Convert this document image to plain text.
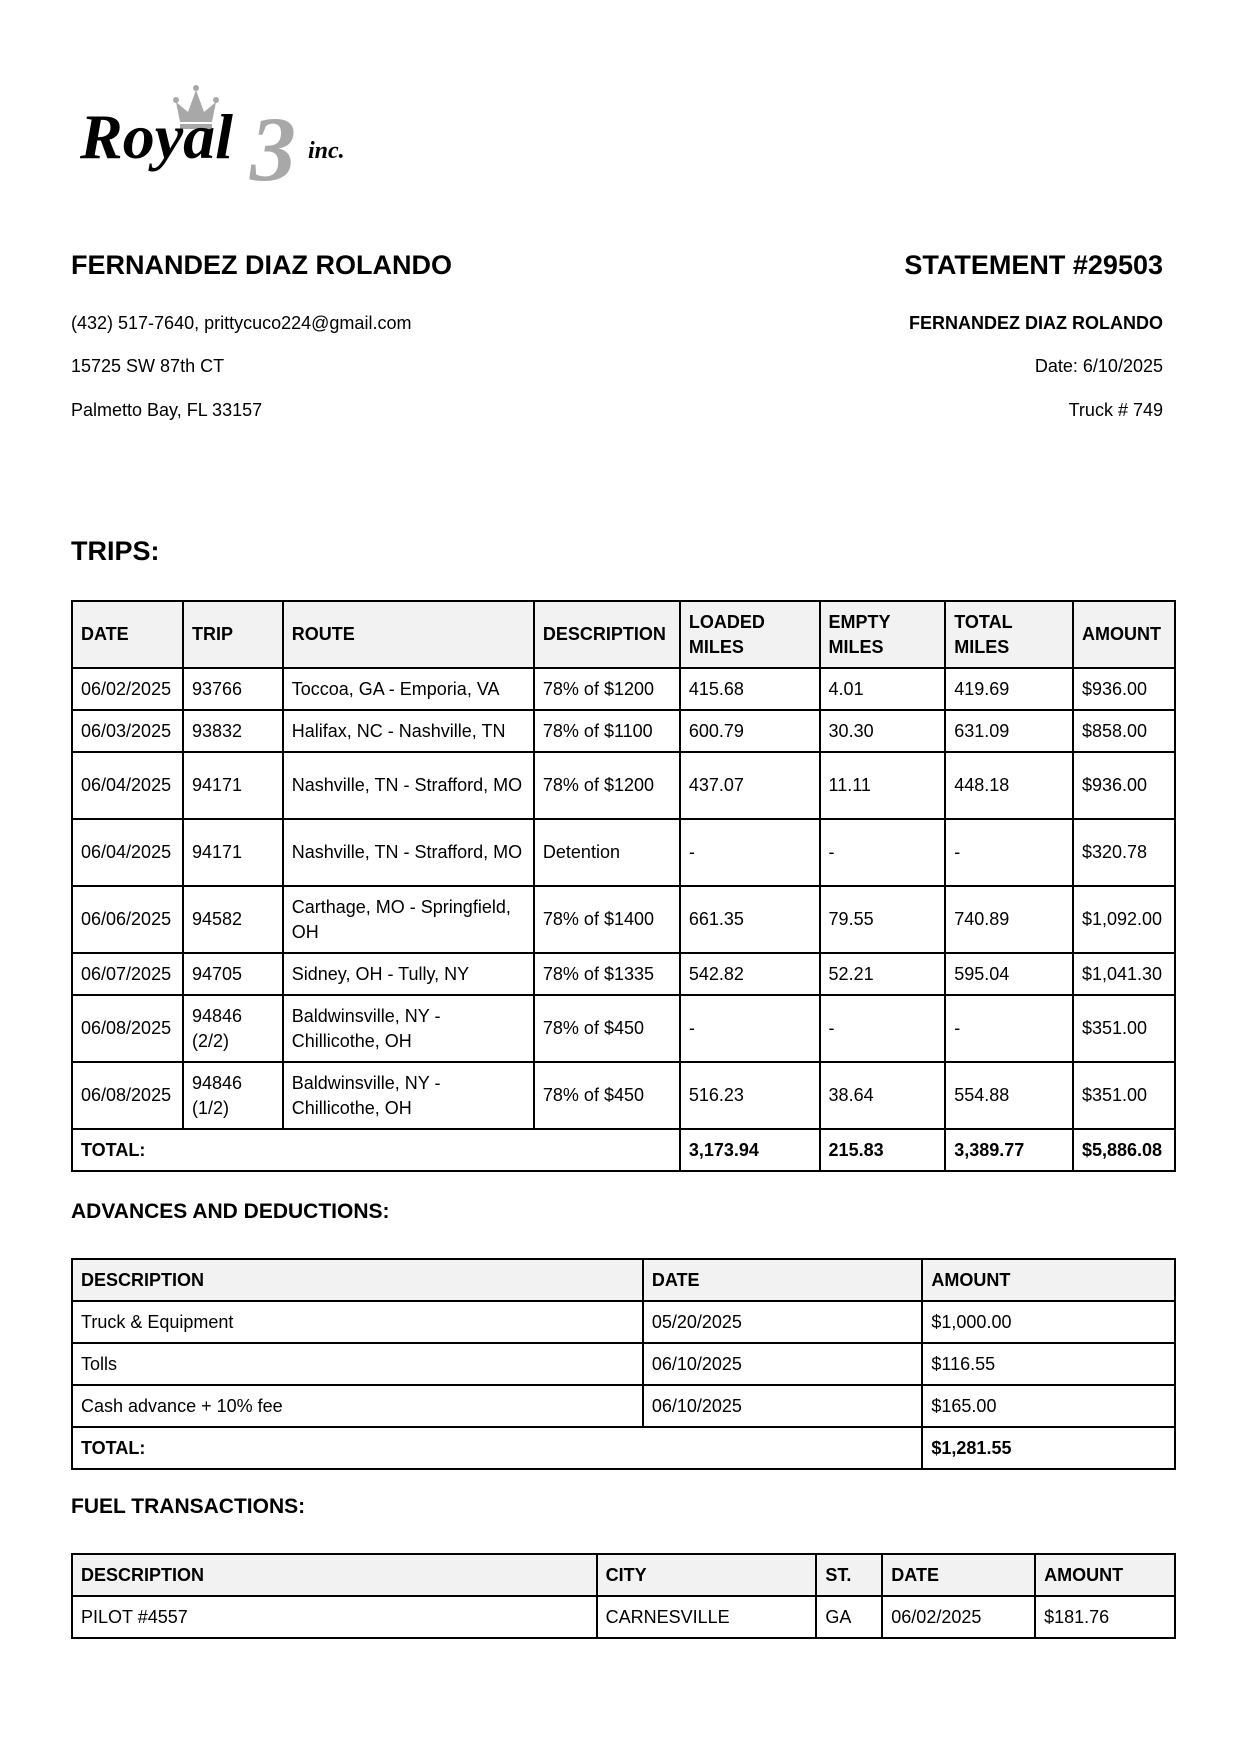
3
Royal	inc.
FERNANDEZ DIAZ ROLANDO
(432) 517-7640, prittycuco224@gmail.com
15725 SW 87th CT
Palmetto Bay, FL 33157
STATEMENT #29503
FERNANDEZ DIAZ ROLANDO
Date: 6/10/2025
Truck # 749
TRIPS:
DATE	TRIP	ROUTE	DESCRIPTION	LOADED MILES	EMPTY MILES	TOTAL MILES	AMOUNT
06/02/2025	93766	Toccoa, GA - Emporia, VA	78% of $1200	415.68	4.01	419.69	$936.00
06/03/2025	93832	Halifax, NC - Nashville, TN	78% of $1100	600.79	30.30	631.09	$858.00
06/04/2025	94171	Nashville, TN - Strafford, MO	78% of $1200	437.07	11.11	448.18	$936.00
06/04/2025	94171	Nashville, TN - Strafford, MO	Detention	-	-	-	$320.78
06/06/2025	94582	Carthage, MO - Springfield, OH	78% of $1400	661.35	79.55	740.89	$1,092.00
06/07/2025	94705	Sidney, OH - Tully, NY	78% of $1335	542.82	52.21	595.04	$1,041.30
06/08/2025	94846 (2/2)	Baldwinsville, NY - Chillicothe, OH	78% of $450	-	-	-	$351.00
06/08/2025	94846 (1/2)	Baldwinsville, NY - Chillicothe, OH	78% of $450	516.23	38.64	554.88	$351.00
TOTAL:				3,173.94	215.83	3,389.77	$5,886.08
ADVANCES AND DEDUCTIONS:
DESCRIPTION	DATE	AMOUNT
Truck & Equipment	05/20/2025	$1,000.00
Tolls	06/10/2025	$116.55
Cash advance + 10% fee	06/10/2025	$165.00
TOTAL:		$1,281.55
FUEL TRANSACTIONS:
DESCRIPTION	CITY	ST.	DATE	AMOUNT
PILOT #4557	CARNESVILLE	GA	06/02/2025	$181.76
